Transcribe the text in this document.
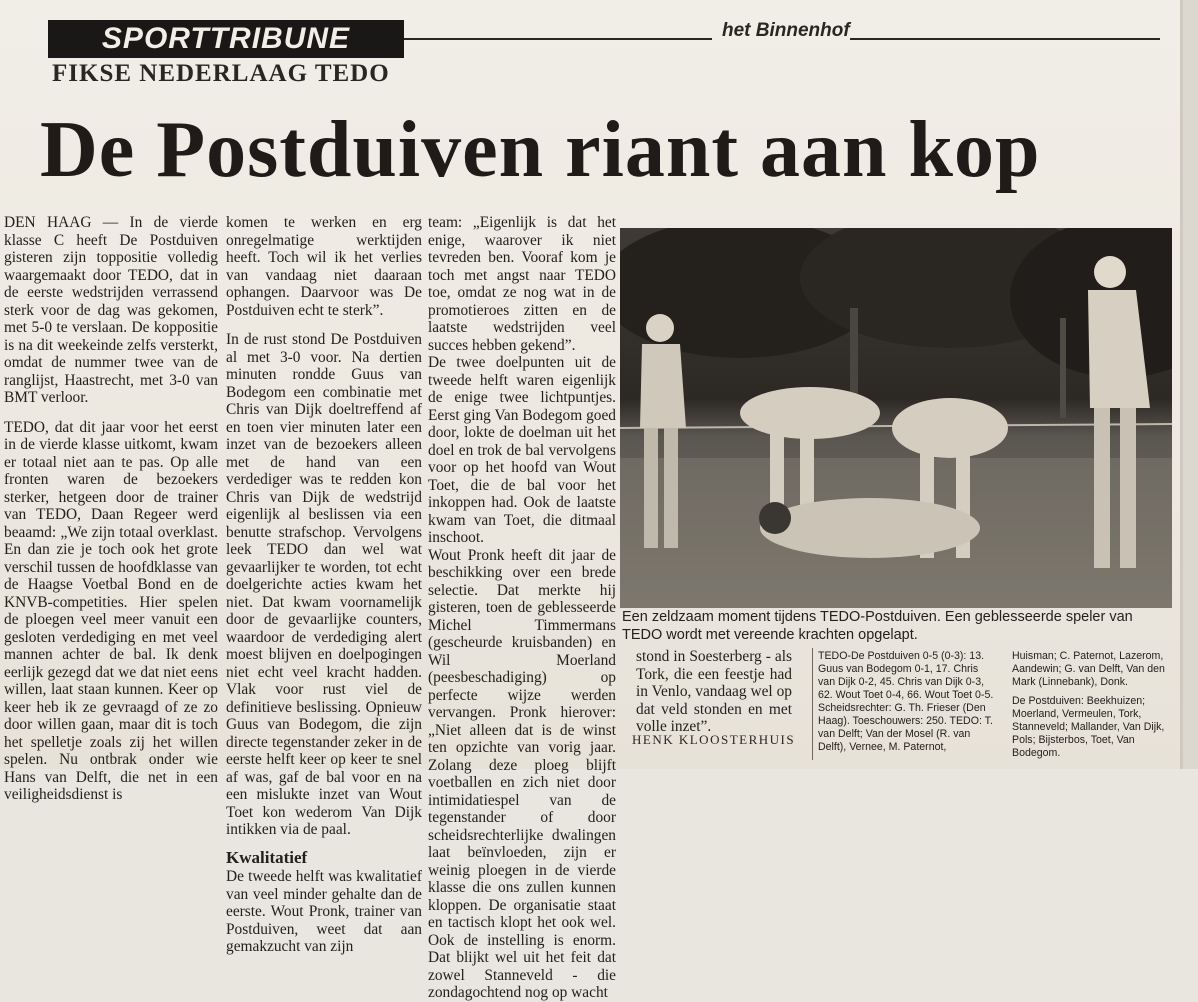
SPORTTRIBUNE	het Binnenhof
FIKSE NEDERLAAG TEDO
De Postduiven riant aan kop

DEN HAAG — In de vierde klasse C heeft De Postduiven gisteren zijn toppositie volledig waargemaakt door TEDO, dat in de eerste wedstrijden verrassend sterk voor de dag was gekomen, met 5-0 te verslaan. De koppositie is na dit weekeinde zelfs versterkt, omdat de nummer twee van de ranglijst, Haastrecht, met 3-0 van BMT verloor.

TEDO, dat dit jaar voor het eerst in de vierde klasse uitkomt, kwam er totaal niet aan te pas. Op alle fronten waren de bezoekers sterker, hetgeen door de trainer van TEDO, Daan Regeer werd beaamd: „We zijn totaal overklast. En dan zie je toch ook het grote verschil tussen de hoofdklasse van de Haagse Voetbal Bond en de KNVB-competities. Hier spelen de ploegen veel meer vanuit een gesloten verdediging en met veel mannen achter de bal. Ik denk eerlijk gezegd dat we dat niet eens willen, laat staan kunnen. Keer op keer heb ik ze gevraagd of ze zo door willen gaan, maar dit is toch het spelletje zoals zij het willen spelen. Nu ontbrak onder wie Hans van Delft, die net in een veiligheidsdienst is

komen te werken en erg onregelmatige werktijden heeft. Toch wil ik het verlies van vandaag niet daaraan ophangen. Daarvoor was De Postduiven echt te sterk”.

In de rust stond De Postduiven al met 3-0 voor. Na dertien minuten rondde Guus van Bodegom een combinatie met Chris van Dijk doeltreffend af en toen vier minuten later een inzet van de bezoekers alleen met de hand van een verdediger was te redden kon Chris van Dijk de wedstrijd eigenlijk al beslissen via een benutte strafschop. Vervolgens leek TEDO dan wel wat gevaarlijker te worden, tot echt doelgerichte acties kwam het niet. Dat kwam voornamelijk door de gevaarlijke counters, waardoor de verdediging alert moest blijven en doelpogingen niet echt veel kracht hadden. Vlak voor rust viel de definitieve beslissing. Opnieuw Guus van Bodegom, die zijn directe tegenstander zeker in de eerste helft keer op keer te snel af was, gaf de bal voor en na een mislukte inzet van Wout Toet kon wederom Van Dijk intikken via de paal.

Kwalitatief

De tweede helft was kwalitatief van veel minder gehalte dan de eerste. Wout Pronk, trainer van Postduiven, weet dat aan gemakzucht van zijn

team: „Eigenlijk is dat het enige, waarover ik niet tevreden ben. Vooraf kom je toch met angst naar TEDO toe, omdat ze nog wat in de promotieroes zitten en de laatste wedstrijden veel succes hebben gekend”.

De twee doelpunten uit de tweede helft waren eigenlijk de enige twee lichtpuntjes. Eerst ging Van Bodegom goed door, lokte de doelman uit het doel en trok de bal vervolgens voor op het hoofd van Wout Toet, die de bal voor het inkoppen had. Ook de laatste kwam van Toet, die ditmaal inschoot.

Wout Pronk heeft dit jaar de beschikking over een brede selectie. Dat merkte hij gisteren, toen de geblesseerde Michel Timmermans (gescheurde kruisbanden) en Wil Moerland (peesbeschadiging) op perfecte wijze werden vervangen. Pronk hierover: „Niet alleen dat is de winst ten opzichte van vorig jaar. Zolang deze ploeg blijft voetballen en zich niet door intimidatiespel van de tegenstander of door scheidsrechterlijke dwalingen laat beïnvloeden, zijn er weinig ploegen in de vierde klasse die ons zullen kunnen kloppen. De organisatie staat en tactisch klopt het ook wel. Ook de instelling is enorm. Dat blijkt wel uit het feit dat zowel Stanneveld - die zondagochtend nog op wacht

Een zeldzaam moment tijdens TEDO-Postduiven. Een geblesseerde speler van TEDO wordt met vereende krachten opgelapt.

stond in Soesterberg - als Tork, die een feestje had in Venlo, vandaag wel op dat veld stonden en met volle inzet”.

HENK KLOOSTERHUIS
TEDO-De Postduiven 0-5 (0-3): 13. Guus van Bodegom 0-1, 17. Chris van Dijk 0-2, 45. Chris van Dijk 0-3, 62. Wout Toet 0-4, 66. Wout Toet 0-5. Scheidsrechter: G. Th. Frieser (Den Haag). Toeschouwers: 250. TEDO: T. van Delft; Van der Mosel (R. van Delft), Vernee, M. Paternot,

Huisman; C. Paternot, Lazerom, Aandewin; G. van Delft, Van den Mark (Linnebank), Donk.

De Postduiven: Beekhuizen; Moerland, Vermeulen, Tork, Stanneveld; Mallander, Van Dijk, Pols; Bijsterbos, Toet, Van Bodegom.
